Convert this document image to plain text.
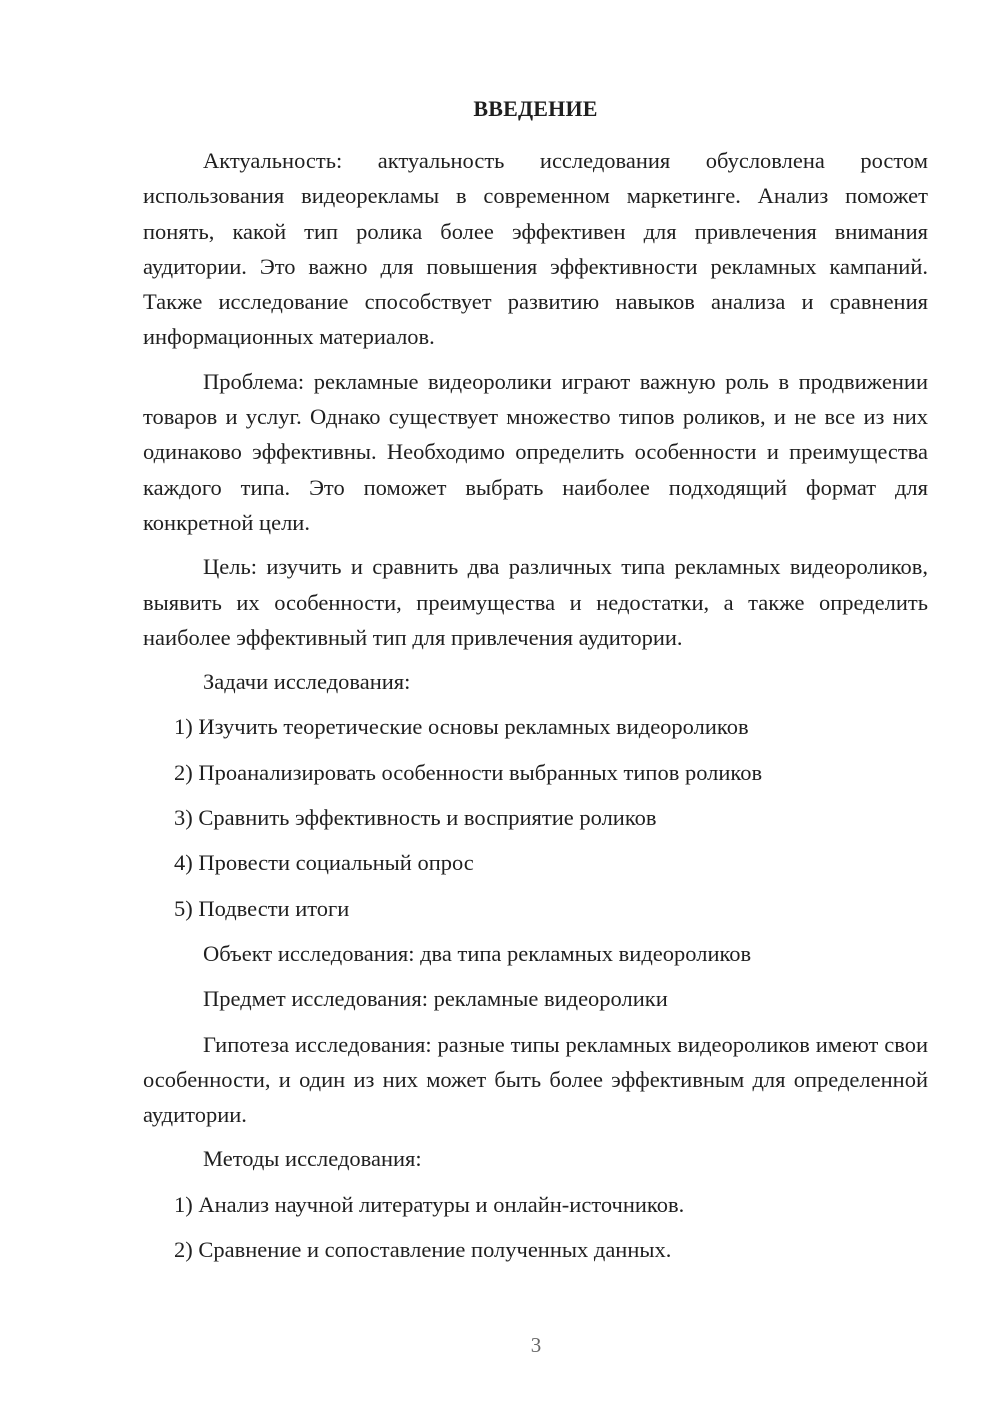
ВВЕДЕНИЕ

Актуальность: актуальность исследования обусловлена ростом использования видеорекламы в современном маркетинге. Анализ поможет понять, какой тип ролика более эффективен для привлечения внимания аудитории. Это важно для повышения эффективности рекламных кампаний. Также исследование способствует развитию навыков анализа и сравнения информационных материалов.

Проблема: рекламные видеоролики играют важную роль в продвижении товаров и услуг. Однако существует множество типов роликов, и не все из них одинаково эффективны. Необходимо определить особенности и преимущества каждого типа. Это поможет выбрать наиболее подходящий формат для конкретной цели.

Цель: изучить и сравнить два различных типа рекламных видеороликов, выявить их особенности, преимущества и недостатки, а также определить наиболее эффективный тип для привлечения аудитории.

Задачи исследования:

1) Изучить теоретические основы рекламных видеороликов
2) Проанализировать особенности выбранных типов роликов
3) Сравнить эффективность и восприятие роликов
4) Провести социальный опрос
5) Подвести итоги

Объект исследования: два типа рекламных видеороликов

Предмет исследования: рекламные видеоролики

Гипотеза исследования: разные типы рекламных видеороликов имеют свои особенности, и один из них может быть более эффективным для определенной аудитории.

Методы исследования:

1) Анализ научной литературы и онлайн-источников.
2) Сравнение и сопоставление полученных данных.
3
